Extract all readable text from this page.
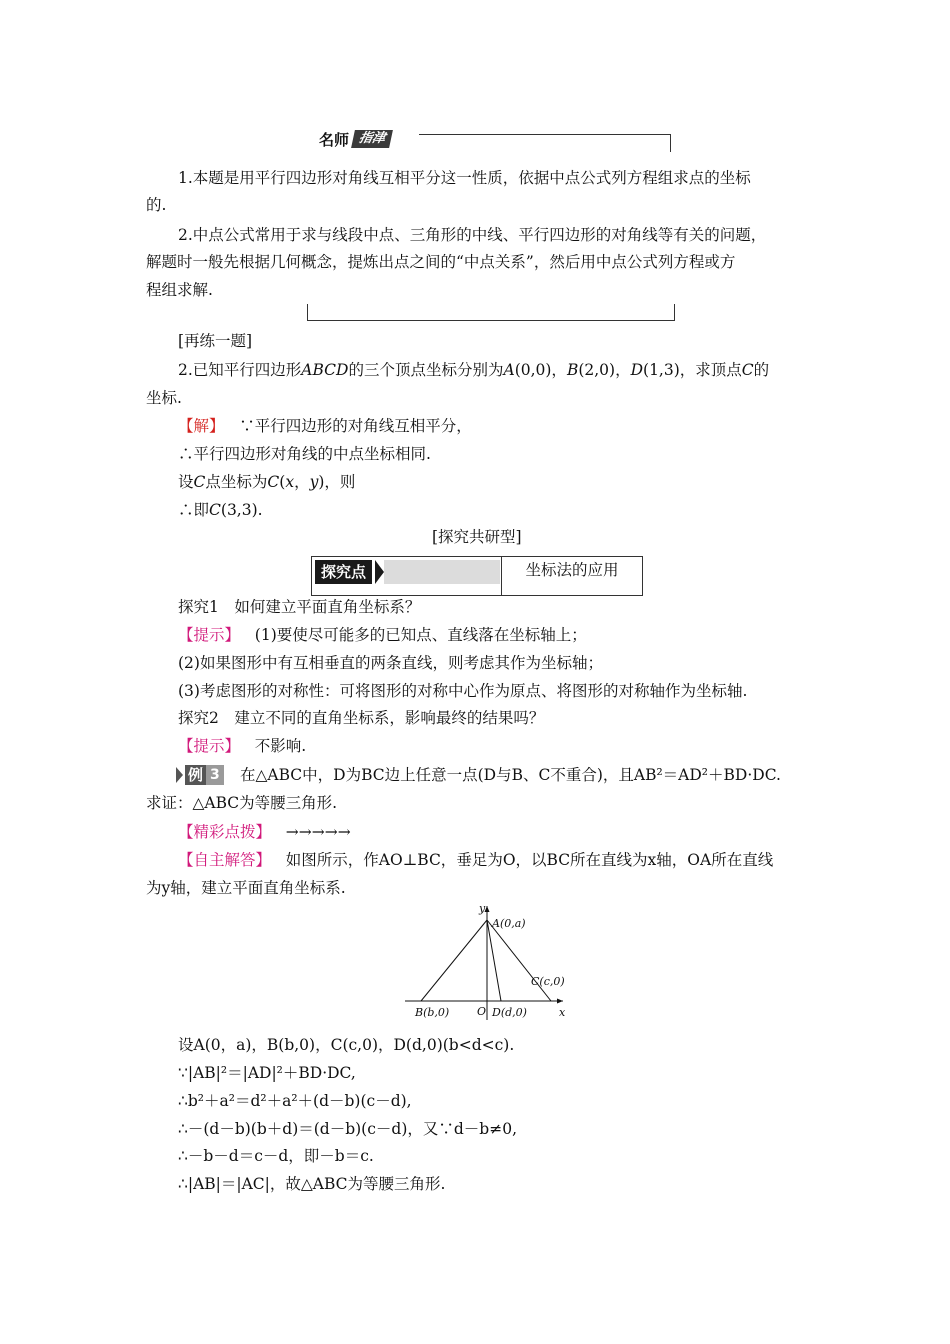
名师 指津
1.本题是用平行四边形对角线互相平分这一性质，依据中点公式列方程组求点的坐标
的.
2.中点公式常用于求与线段中点、三角形的中线、平行四边形的对角线等有关的问题，
解题时一般先根据几何概念，提炼出点之间的“中点关系”，然后用中点公式列方程或方
程组求解.
[再练一题]
2.已知平行四边形ABCD的三个顶点坐标分别为A(0,0)，B(2,0)，D(1,3)，求顶点C的
坐标.
【解】 ∵平行四边形的对角线互相平分，
∴平行四边形对角线的中点坐标相同.
设C点坐标为C(x，y)，则
∴即C(3,3).
[探究共研型]
探究点	坐标法的应用
探究1　如何建立平面直角坐标系？
【提示】 (1)要使尽可能多的已知点、直线落在坐标轴上；
(2)如果图形中有互相垂直的两条直线，则考虑其作为坐标轴；
(3)考虑图形的对称性：可将图形的对称中心作为原点、将图形的对称轴作为坐标轴.
探究2　建立不同的直角坐标系，影响最终的结果吗？
【提示】 不影响.
例 3 在△ABC中，D为BC边上任意一点(D与B、C不重合)，且AB²＝AD²＋BD·DC.
求证：△ABC为等腰三角形.
【精彩点拨】 →→→→→
【自主解答】 如图所示，作AO⊥BC，垂足为O，以BC所在直线为x轴，OA所在直线
为y轴，建立平面直角坐标系.
y
A(0,a)
C(c,0)
B(b,0)	O D(d,0)	x
设A(0，a)，B(b,0)，C(c,0)，D(d,0)(b<d<c).
∵|AB|²＝|AD|²＋BD·DC,
∴b²＋a²＝d²＋a²＋(d－b)(c－d),
∴－(d－b)(b＋d)＝(d－b)(c－d)，又∵d－b≠0,
∴－b－d＝c－d，即－b＝c.
∴|AB|＝|AC|，故△ABC为等腰三角形.
